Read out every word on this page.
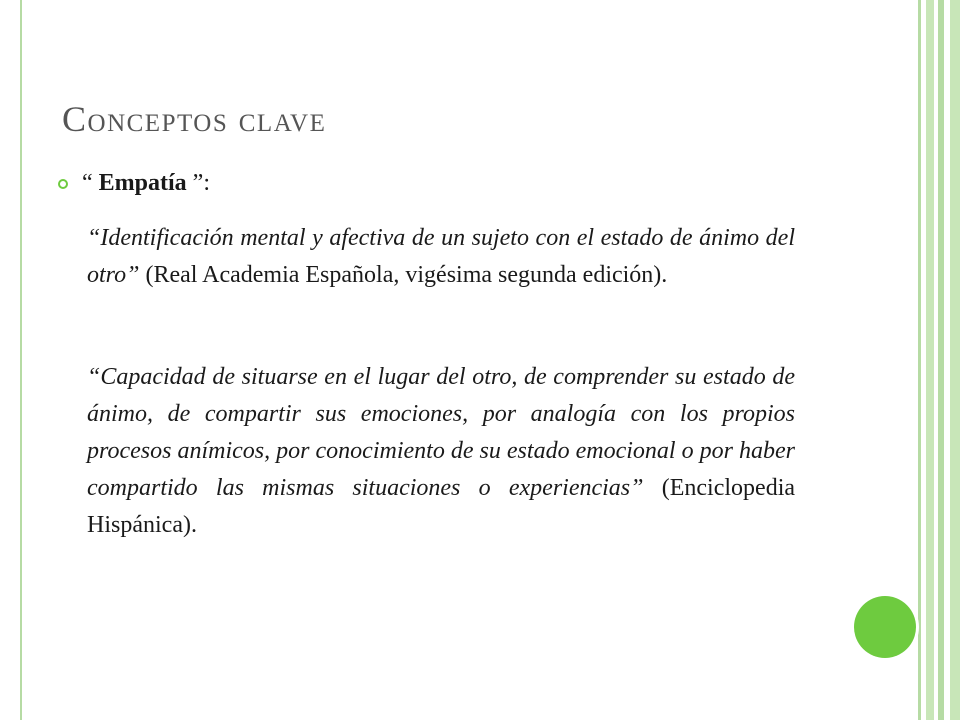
Conceptos clave
“ Empatía ”:

“Identificación mental y afectiva de un sujeto con el estado de ánimo del otro” (Real Academia Española, vigésima segunda edición).

“Capacidad de situarse en el lugar del otro, de comprender su estado de ánimo, de compartir sus emociones, por analogía con los propios procesos anímicos, por conocimiento de su estado emocional o por haber compartido las mismas situaciones o experiencias” (Enciclopedia Hispánica).
